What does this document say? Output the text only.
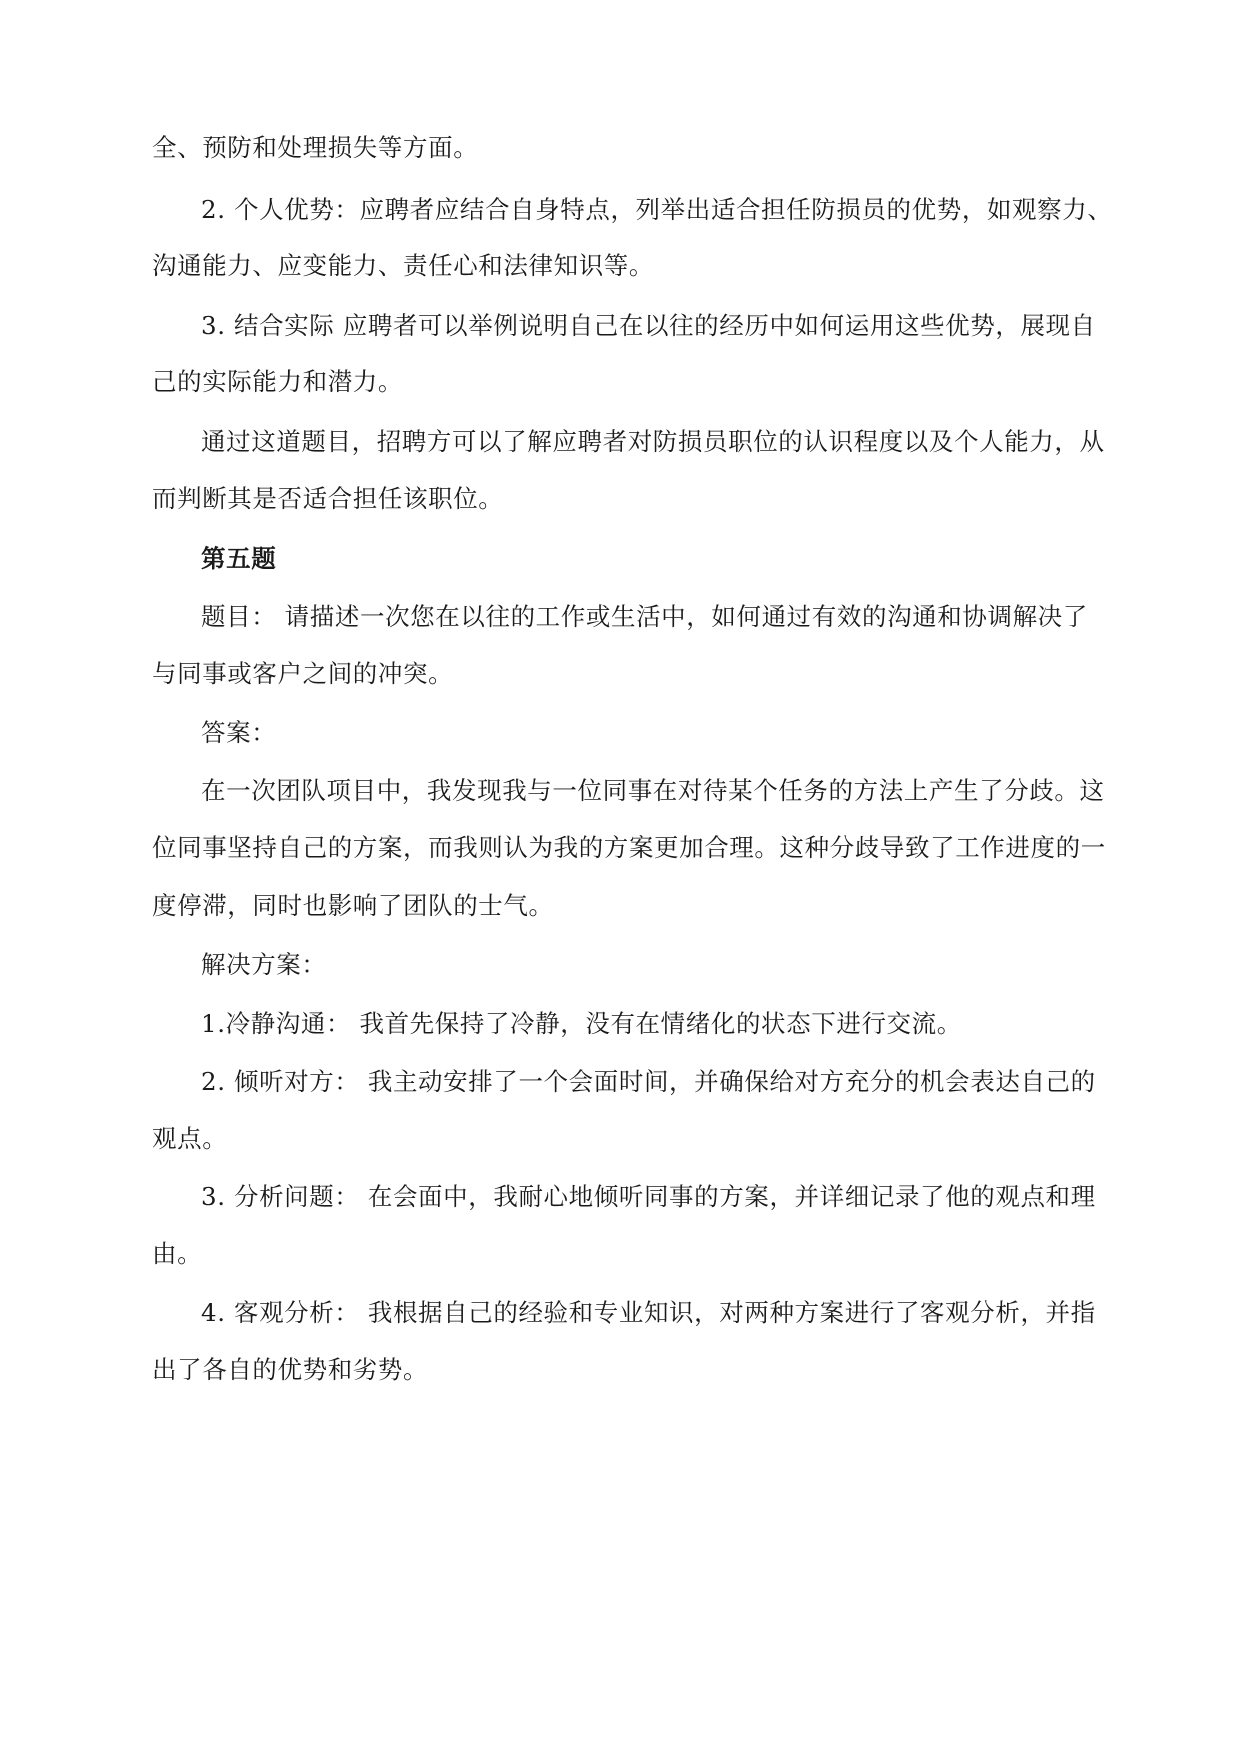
全、预防和处理损失等方面。
2. 个人优势：应聘者应结合自身特点，列举出适合担任防损员的优势，如观察力、
沟通能力、应变能力、责任心和法律知识等。
3. 结合实际 应聘者可以举例说明自己在以往的经历中如何运用这些优势，展现自
己的实际能力和潜力。
通过这道题目，招聘方可以了解应聘者对防损员职位的认识程度以及个人能力，从
而判断其是否适合担任该职位。
第五题
题目： 请描述一次您在以往的工作或生活中，如何通过有效的沟通和协调解决了
与同事或客户之间的冲突。
答案：
在一次团队项目中，我发现我与一位同事在对待某个任务的方法上产生了分歧。这
位同事坚持自己的方案，而我则认为我的方案更加合理。这种分歧导致了工作进度的一
度停滞，同时也影响了团队的士气。
解决方案：
1.冷静沟通： 我首先保持了冷静，没有在情绪化的状态下进行交流。
2. 倾听对方： 我主动安排了一个会面时间，并确保给对方充分的机会表达自己的
观点。
3. 分析问题： 在会面中，我耐心地倾听同事的方案，并详细记录了他的观点和理
由。
4. 客观分析： 我根据自己的经验和专业知识，对两种方案进行了客观分析，并指
出了各自的优势和劣势。
